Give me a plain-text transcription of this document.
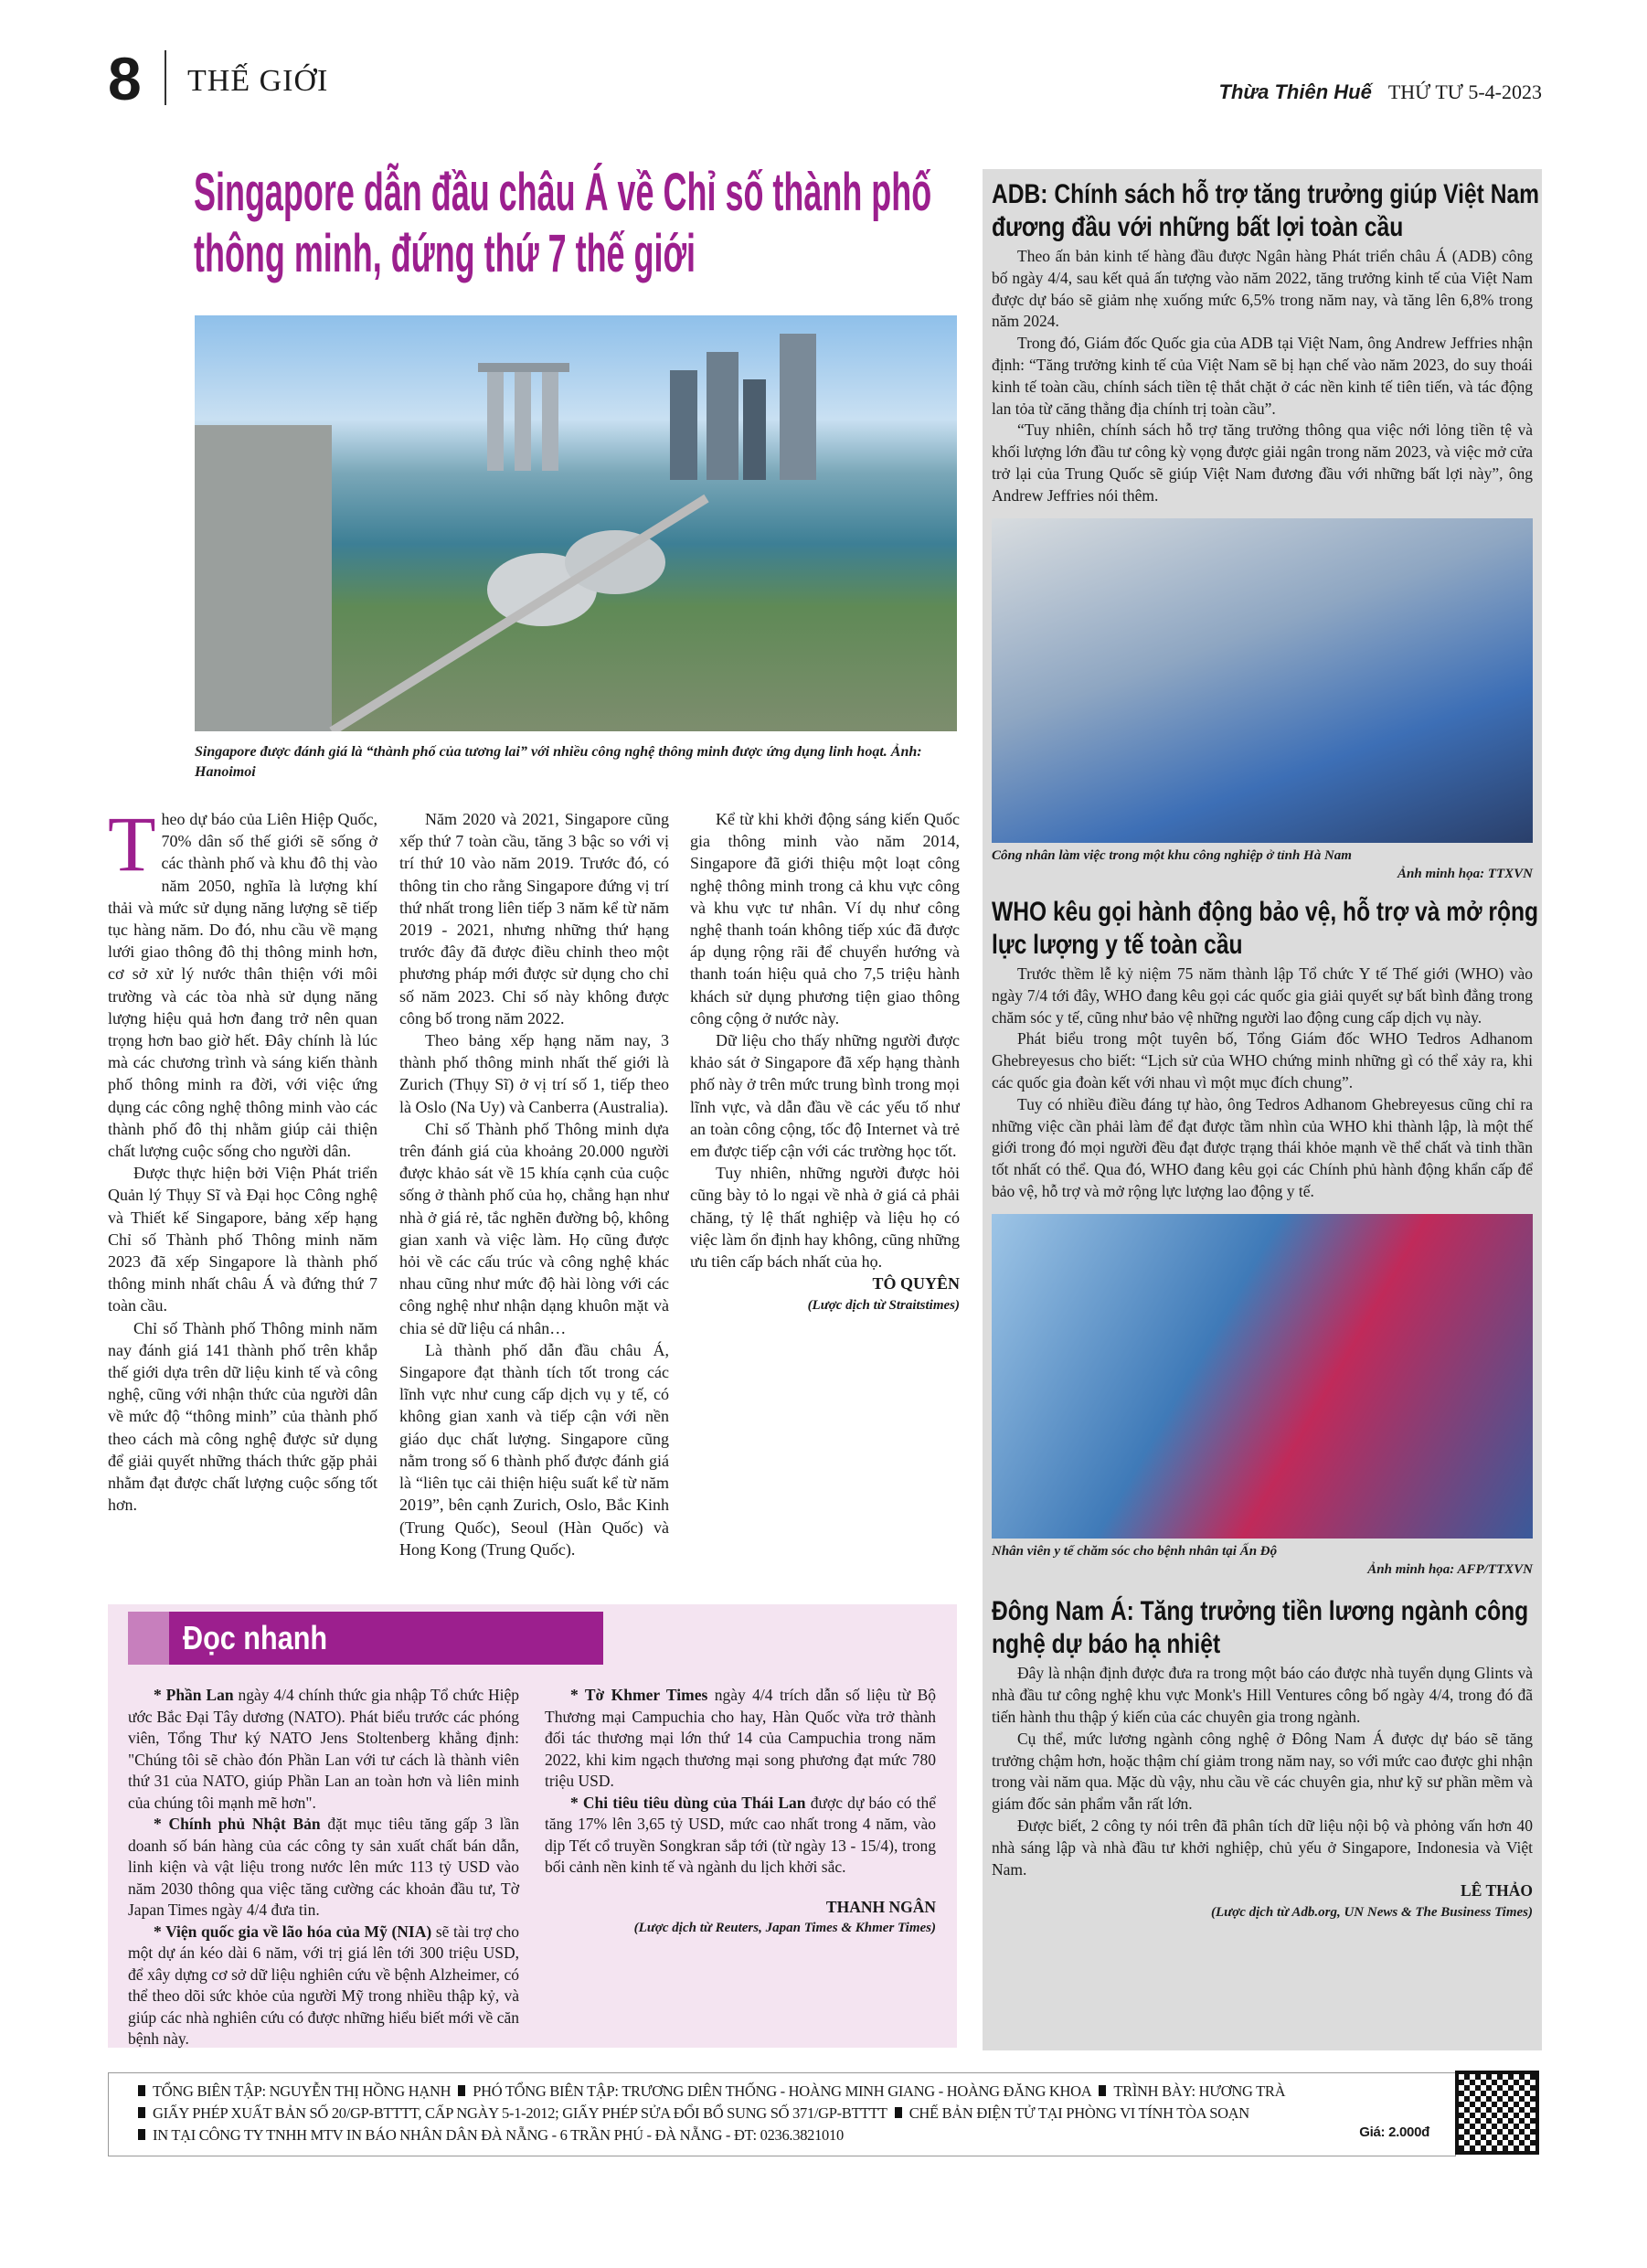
8 THẾ GIỚI	Thừa Thiên Huế THỨ TƯ 5-4-2023
Singapore dẫn đầu châu Á về Chỉ số thành phố thông minh, đứng thứ 7 thế giới
Singapore được đánh giá là “thành phố của tương lai” với nhiều công nghệ thông minh được ứng dụng linh hoạt. Ảnh: Hanoimoi

Theo dự báo của Liên Hiệp Quốc, 70% dân số thế giới sẽ sống ở các thành phố và khu đô thị vào năm 2050, nghĩa là lượng khí thải và mức sử dụng năng lượng sẽ tiếp tục hàng năm. Do đó, nhu cầu về mạng lưới giao thông đô thị thông minh hơn, cơ sở xử lý nước thân thiện với môi trường và các tòa nhà sử dụng năng lượng hiệu quả hơn đang trở nên quan trọng hơn bao giờ hết. Đây chính là lúc mà các chương trình và sáng kiến thành phố thông minh ra đời, với việc ứng dụng các công nghệ thông minh vào các thành phố đô thị nhằm giúp cải thiện chất lượng cuộc sống cho người dân.

Được thực hiện bởi Viện Phát triển Quản lý Thụy Sĩ và Đại học Công nghệ và Thiết kế Singapore, bảng xếp hạng Chỉ số Thành phố Thông minh năm 2023 đã xếp Singapore là thành phố thông minh nhất châu Á và đứng thứ 7 toàn cầu.

Chỉ số Thành phố Thông minh năm nay đánh giá 141 thành phố trên khắp thế giới dựa trên dữ liệu kinh tế và công nghệ, cũng với nhận thức của người dân về mức độ “thông minh” của thành phố theo cách mà công nghệ được sử dụng để giải quyết những thách thức gặp phải nhằm đạt được chất lượng cuộc sống tốt hơn.

Năm 2020 và 2021, Singapore cũng xếp thứ 7 toàn cầu, tăng 3 bậc so với vị trí thứ 10 vào năm 2019. Trước đó, có thông tin cho rằng Singapore đứng vị trí thứ nhất trong liên tiếp 3 năm kể từ năm 2019 - 2021, nhưng những thứ hạng trước đây đã được điều chỉnh theo một phương pháp mới được sử dụng cho chỉ số năm 2023. Chỉ số này không được công bố trong năm 2022.

Theo bảng xếp hạng năm nay, 3 thành phố thông minh nhất thế giới là Zurich (Thụy Sĩ) ở vị trí số 1, tiếp theo là Oslo (Na Uy) và Canberra (Australia).

Chỉ số Thành phố Thông minh dựa trên đánh giá của khoảng 20.000 người được khảo sát về 15 khía cạnh của cuộc sống ở thành phố của họ, chẳng hạn như nhà ở giá rẻ, tắc nghẽn đường bộ, không gian xanh và việc làm. Họ cũng được hỏi về các cấu trúc và công nghệ khác nhau cũng như mức độ hài lòng với các công nghệ như nhận dạng khuôn mặt và chia sẻ dữ liệu cá nhân…

Là thành phố dẫn đầu châu Á, Singapore đạt thành tích tốt trong các lĩnh vực như cung cấp dịch vụ y tế, có không gian xanh và tiếp cận với nền giáo dục chất lượng. Singapore cũng nằm trong số 6 thành phố được đánh giá là “liên tục cải thiện hiệu suất kể từ năm 2019”, bên cạnh Zurich, Oslo, Bắc Kinh (Trung Quốc), Seoul (Hàn Quốc) và Hong Kong (Trung Quốc).

Kể từ khi khởi động sáng kiến Quốc gia thông minh vào năm 2014, Singapore đã giới thiệu một loạt công nghệ thông minh trong cả khu vực công và khu vực tư nhân. Ví dụ như công nghệ thanh toán không tiếp xúc đã được áp dụng rộng rãi để chuyển hướng và thanh toán hiệu quả cho 7,5 triệu hành khách sử dụng phương tiện giao thông công cộng ở nước này.

Dữ liệu cho thấy những người được khảo sát ở Singapore đã xếp hạng thành phố này ở trên mức trung bình trong mọi lĩnh vực, và dẫn đầu về các yếu tố như an toàn công cộng, tốc độ Internet và trẻ em được tiếp cận với các trường học tốt.

Tuy nhiên, những người được hỏi cũng bày tỏ lo ngại về nhà ở giá cả phải chăng, tỷ lệ thất nghiệp và liệu họ có việc làm ổn định hay không, cũng những ưu tiên cấp bách nhất của họ.

TÔ QUYÊN

(Lược dịch từ Straitstimes)

ADB: Chính sách hỗ trợ tăng trưởng giúp Việt Nam đương đầu với những bất lợi toàn cầu

Theo ấn bản kinh tế hàng đầu được Ngân hàng Phát triển châu Á (ADB) công bố ngày 4/4, sau kết quả ấn tượng vào năm 2022, tăng trưởng kinh tế của Việt Nam được dự báo sẽ giảm nhẹ xuống mức 6,5% trong năm nay, và tăng lên 6,8% trong năm 2024.

Trong đó, Giám đốc Quốc gia của ADB tại Việt Nam, ông Andrew Jeffries nhận định: “Tăng trưởng kinh tế của Việt Nam sẽ bị hạn chế vào năm 2023, do suy thoái kinh tế toàn cầu, chính sách tiền tệ thắt chặt ở các nền kinh tế tiên tiến, và tác động lan tỏa từ căng thẳng địa chính trị toàn cầu”.

“Tuy nhiên, chính sách hỗ trợ tăng trưởng thông qua việc nới lỏng tiền tệ và khối lượng lớn đầu tư công kỳ vọng được giải ngân trong năm 2023, và việc mở cửa trở lại của Trung Quốc sẽ giúp Việt Nam đương đầu với những bất lợi này”, ông Andrew Jeffries nói thêm.

Công nhân làm việc trong một khu công nghiệp ở tỉnh Hà Nam
Ảnh minh họa: TTXVN
WHO kêu gọi hành động bảo vệ, hỗ trợ và mở rộng lực lượng y tế toàn cầu

Trước thềm lễ kỷ niệm 75 năm thành lập Tổ chức Y tế Thế giới (WHO) vào ngày 7/4 tới đây, WHO đang kêu gọi các quốc gia giải quyết sự bất bình đẳng trong chăm sóc y tế, cũng như bảo vệ những người lao động cung cấp dịch vụ này.

Phát biểu trong một tuyên bố, Tổng Giám đốc WHO Tedros Adhanom Ghebreyesus cho biết: “Lịch sử của WHO chứng minh những gì có thể xảy ra, khi các quốc gia đoàn kết với nhau vì một mục đích chung”.

Tuy có nhiều điều đáng tự hào, ông Tedros Adhanom Ghebreyesus cũng chỉ ra những việc cần phải làm để đạt được tầm nhìn của WHO khi thành lập, là một thế giới trong đó mọi người đều đạt được trạng thái khỏe mạnh về thể chất và tinh thần tốt nhất có thể. Qua đó, WHO đang kêu gọi các Chính phủ hành động khẩn cấp để bảo vệ, hỗ trợ và mở rộng lực lượng lao động y tế.

Nhân viên y tế chăm sóc cho bệnh nhân tại Ấn Độ
Ảnh minh họa: AFP/TTXVN
Đông Nam Á: Tăng trưởng tiền lương ngành công nghệ dự báo hạ nhiệt

Đây là nhận định được đưa ra trong một báo cáo được nhà tuyển dụng Glints và nhà đầu tư công nghệ khu vực Monk's Hill Ventures công bố ngày 4/4, trong đó đã tiến hành thu thập ý kiến của các chuyên gia trong ngành.

Cụ thể, mức lương ngành công nghệ ở Đông Nam Á được dự báo sẽ tăng trưởng chậm hơn, hoặc thậm chí giảm trong năm nay, so với mức cao được ghi nhận trong vài năm qua. Mặc dù vậy, nhu cầu về các chuyên gia, như kỹ sư phần mềm và giám đốc sản phẩm vẫn rất lớn.

Được biết, 2 công ty nói trên đã phân tích dữ liệu nội bộ và phỏng vấn hơn 40 nhà sáng lập và nhà đầu tư khởi nghiệp, chủ yếu ở Singapore, Indonesia và Việt Nam.

LÊ THẢO

(Lược dịch từ Adb.org, UN News & The Business Times)

Đọc nhanh

* Phần Lan ngày 4/4 chính thức gia nhập Tổ chức Hiệp ước Bắc Đại Tây dương (NATO). Phát biểu trước các phóng viên, Tổng Thư ký NATO Jens Stoltenberg khẳng định: "Chúng tôi sẽ chào đón Phần Lan với tư cách là thành viên thứ 31 của NATO, giúp Phần Lan an toàn hơn và liên minh của chúng tôi mạnh mẽ hơn".

* Chính phủ Nhật Bản đặt mục tiêu tăng gấp 3 lần doanh số bán hàng của các công ty sản xuất chất bán dẫn, linh kiện và vật liệu trong nước lên mức 113 tỷ USD vào năm 2030 thông qua việc tăng cường các khoản đầu tư, Tờ Japan Times ngày 4/4 đưa tin.

* Viện quốc gia về lão hóa của Mỹ (NIA) sẽ tài trợ cho một dự án kéo dài 6 năm, với trị giá lên tới 300 triệu USD, để xây dựng cơ sở dữ liệu nghiên cứu về bệnh Alzheimer, có thể theo dõi sức khỏe của người Mỹ trong nhiều thập kỷ, và giúp các nhà nghiên cứu có được những hiểu biết mới về căn bệnh này.

* Tờ Khmer Times ngày 4/4 trích dẫn số liệu từ Bộ Thương mại Campuchia cho hay, Hàn Quốc vừa trở thành đối tác thương mại lớn thứ 14 của Campuchia trong năm 2022, khi kim ngạch thương mại song phương đạt mức 780 triệu USD.

* Chi tiêu tiêu dùng của Thái Lan được dự báo có thể tăng 17% lên 3,65 tỷ USD, mức cao nhất trong 4 năm, vào dịp Tết cổ truyền Songkran sắp tới (từ ngày 13 - 15/4), trong bối cảnh nền kinh tế và ngành du lịch khởi sắc.

THANH NGÂN

(Lược dịch từ Reuters, Japan Times & Khmer Times)

TỔNG BIÊN TẬP: NGUYỄN THỊ HỒNG HẠNH PHÓ TỔNG BIÊN TẬP: TRƯƠNG DIÊN THỐNG - HOÀNG MINH GIANG - HOÀNG ĐĂNG KHOA TRÌNH BÀY: HƯƠNG TRÀ
GIẤY PHÉP XUẤT BẢN SỐ 20/GP-BTTTT, CẤP NGÀY 5-1-2012; GIẤY PHÉP SỬA ĐỔI BỔ SUNG SỐ 371/GP-BTTTT CHẾ BẢN ĐIỆN TỬ TẠI PHÒNG VI TÍNH TÒA SOẠN
IN TẠI CÔNG TY TNHH MTV IN BÁO NHÂN DÂN ĐÀ NẴNG - 6 TRẦN PHÚ - ĐÀ NẴNG - ĐT: 0236.3821010	Giá: 2.000đ
